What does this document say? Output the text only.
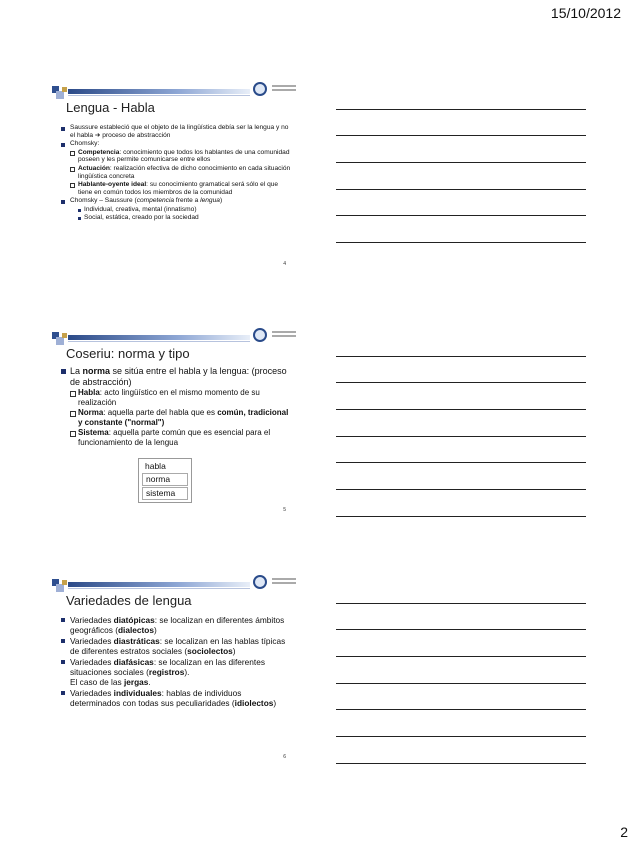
15/10/2012
Lengua - Habla
Saussure estableció que el objeto de la lingüística debía ser la lengua y no el habla ➔ proceso de abstracción
Chomsky:
Competencia: conocimiento que todos los hablantes de una comunidad poseen y les permite comunicarse entre ellos
Actuación: realización efectiva de dicho conocimiento en cada situación lingüística concreta
Hablante-oyente ideal: su conocimiento gramatical será sólo el que tiene en común todos los miembros de la comunidad
Chomsky – Saussure (competencia frente a lengua)
Individual, creativa, mental (innatismo)
Social, estática, creado por la sociedad
4
Coseriu: norma y tipo
La norma se sitúa entre el habla y la lengua: (proceso de abstracción)
Habla: acto lingüístico en el mismo momento de su realización
Norma: aquella parte del habla que es común, tradicional y constante ("normal")
Sistema: aquella parte común que es esencial para el funcionamiento de la lengua
habla
norma
sistema
5
Variedades de lengua
Variedades diatópicas: se localizan en diferentes ámbitos geográficos (dialectos)
Variedades diastráticas: se localizan en las hablas típicas de diferentes estratos sociales (sociolectos)
Variedades diafásicas: se localizan en las diferentes situaciones sociales (registros).
El caso de las jergas.
Variedades individuales: hablas de individuos determinados con todas sus peculiaridades (idiolectos)
6
2
